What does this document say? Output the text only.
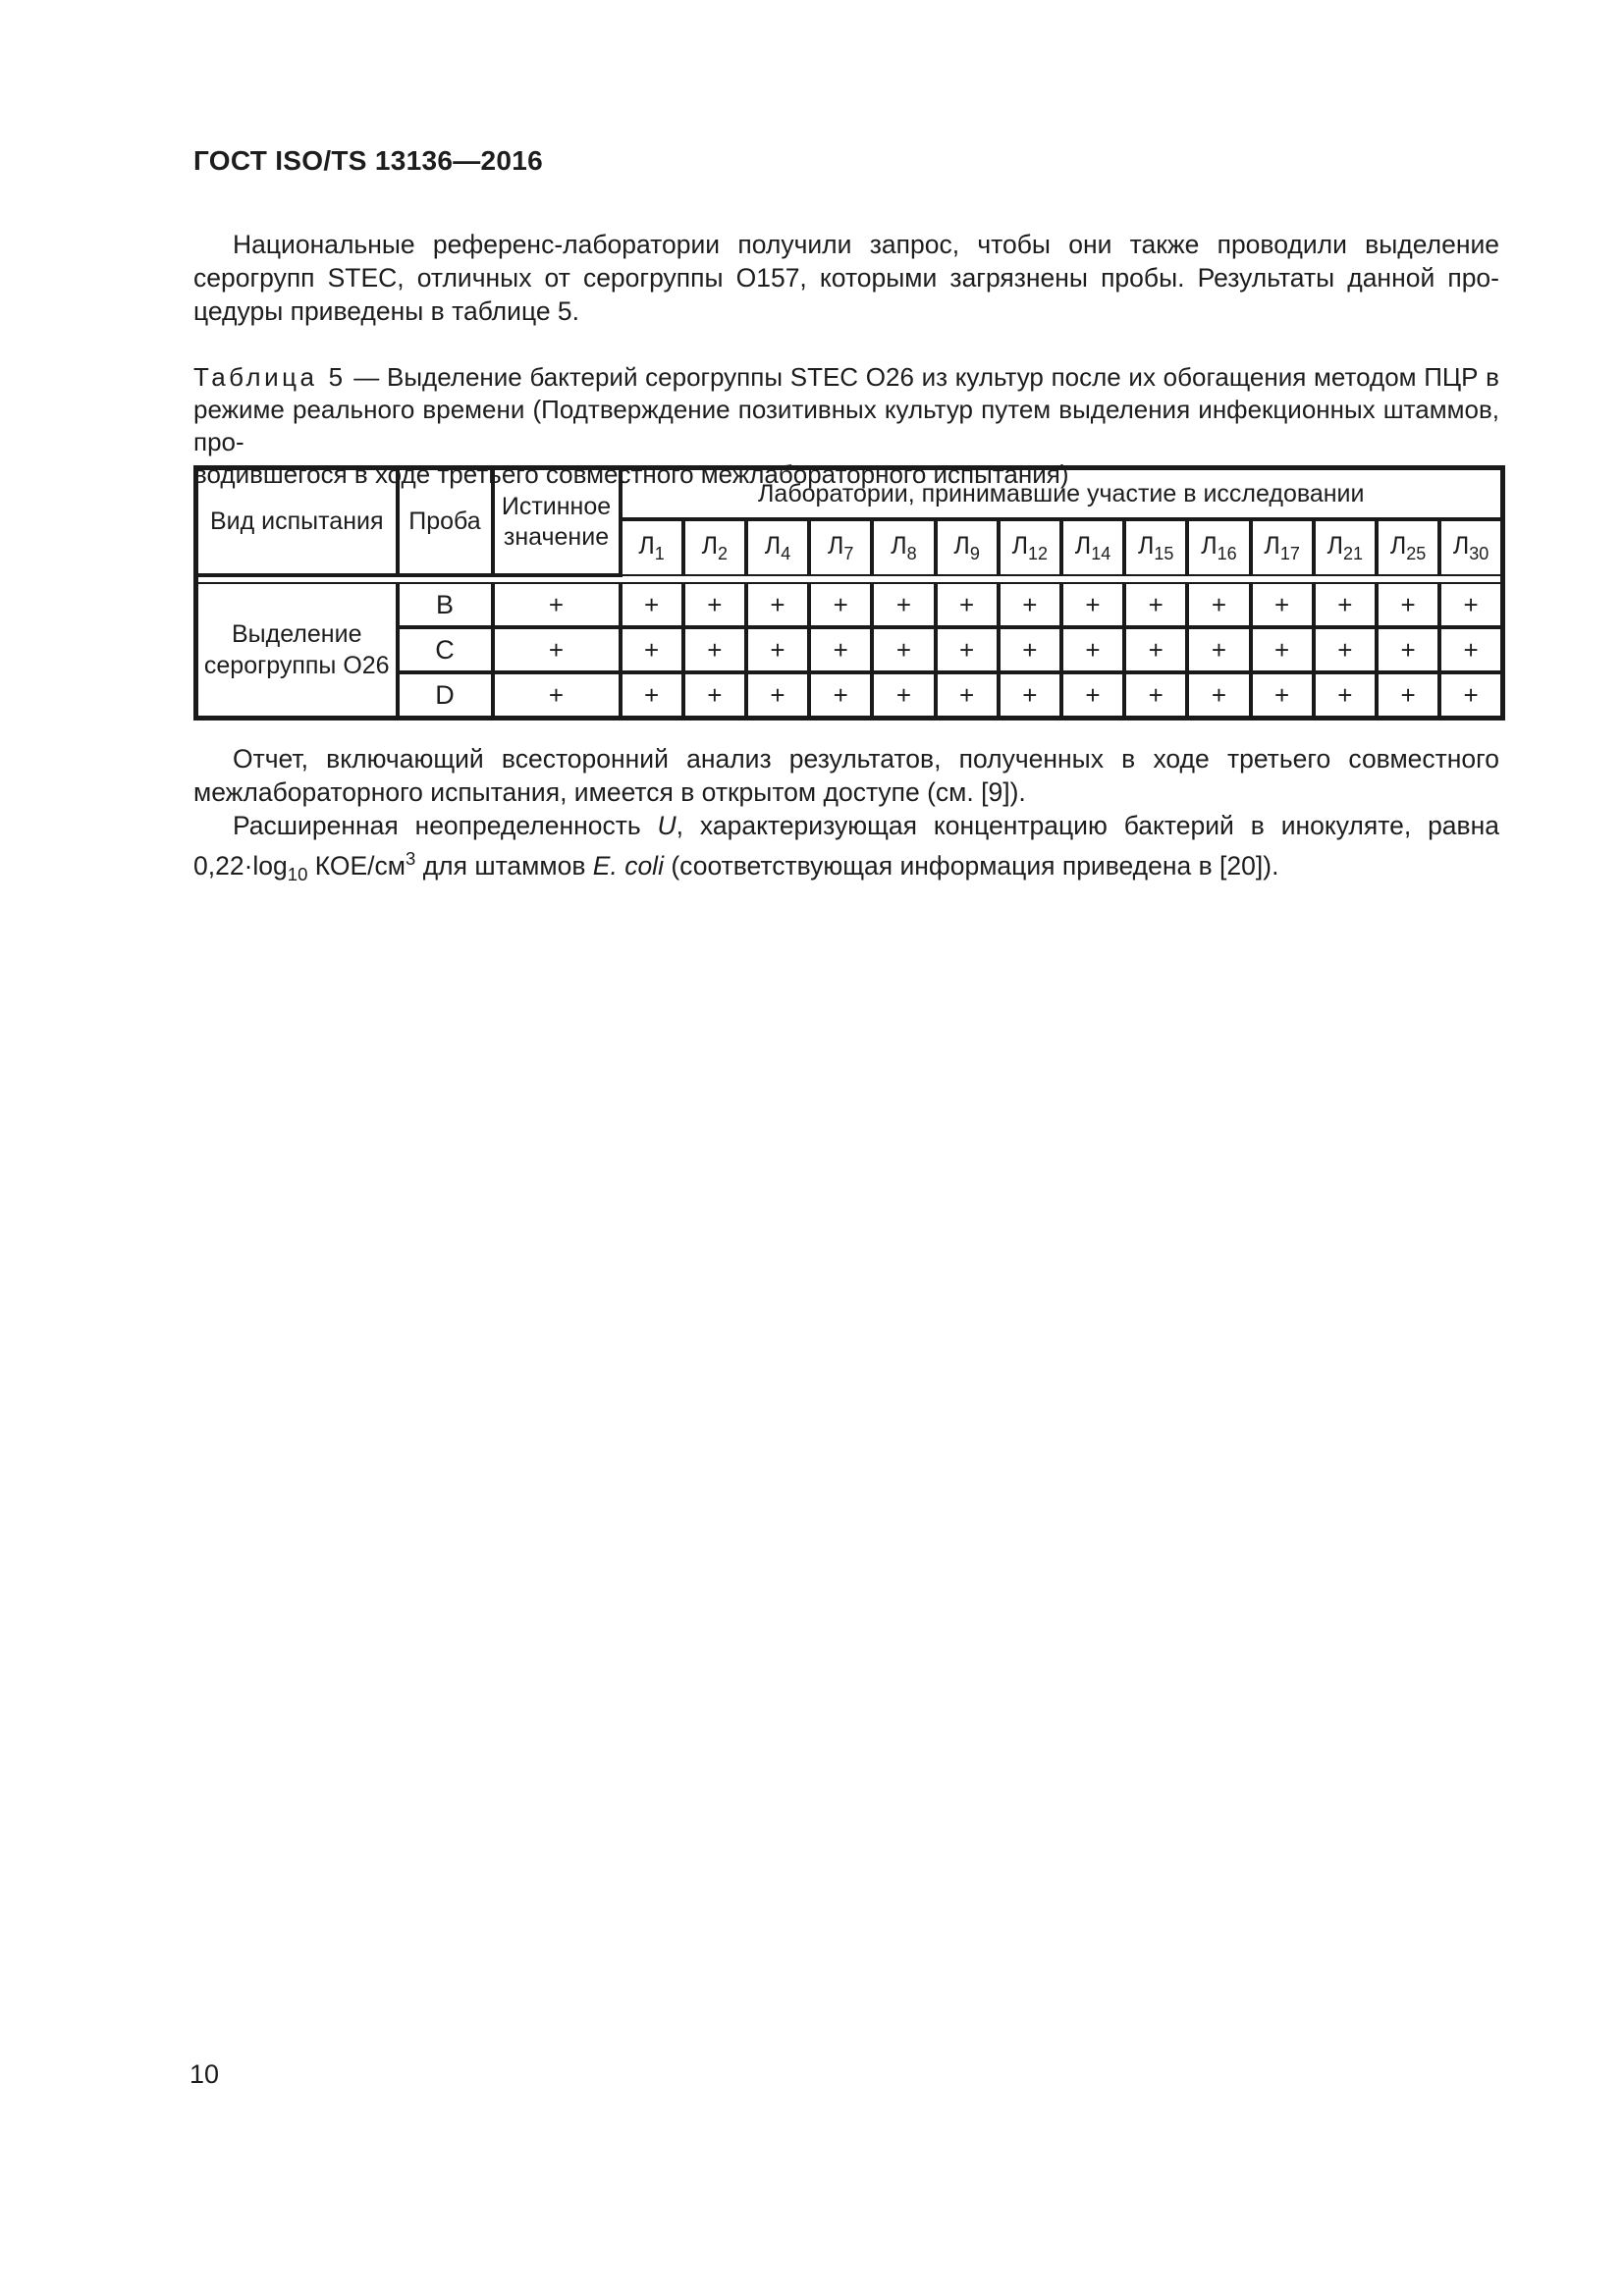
ГОСТ ISO/TS 13136—2016
Национальные референс-лаборатории получили запрос, чтобы они также проводили выделение
серогрупп STEC, отличных от серогруппы O157, которыми загрязнены пробы. Результаты данной про-
цедуры приведены в таблице 5.
Таблица 5 — Выделение бактерий серогруппы STEC O26 из культур после их обогащения методом ПЦР в
режиме реального времени (Подтверждение позитивных культур путем выделения инфекционных штаммов, про-
водившегося в ходе третьего совместного межлабораторного испытания)
Вид испытания	Проба	Истинное значение	Лаборатории, принимавшие участие в исследовании													
			$Л_1$	$Л_2$	$Л_4$	$Л_7$	$Л_8$	$Л_9$	$Л_{12}$	$Л_{14}$	$Л_{15}$	$Л_{16}$	$Л_{17}$	$Л_{21}$	$Л_{25}$	$Л_{30}$

Выделение серогруппы O26	B	+	+	+	+	+	+	+	+	+	+	+	+	+	+	+
	C	+	+	+	+	+	+	+	+	+	+	+	+	+	+	+
	D	+	+	+	+	+	+	+	+	+	+	+	+	+	+	+
Отчет, включающий всесторонний анализ результатов, полученных в ходе третьего совместного
межлабораторного испытания, имеется в открытом доступе (см. [9]).
Расширенная неопределенность U, характеризующая концентрацию бактерий в инокуляте, равна
$0,22\cdot\log_{10}$ КОЕ/$см^3$ для штаммов E. coli (соответствующая информация приведена в [20]).
10
